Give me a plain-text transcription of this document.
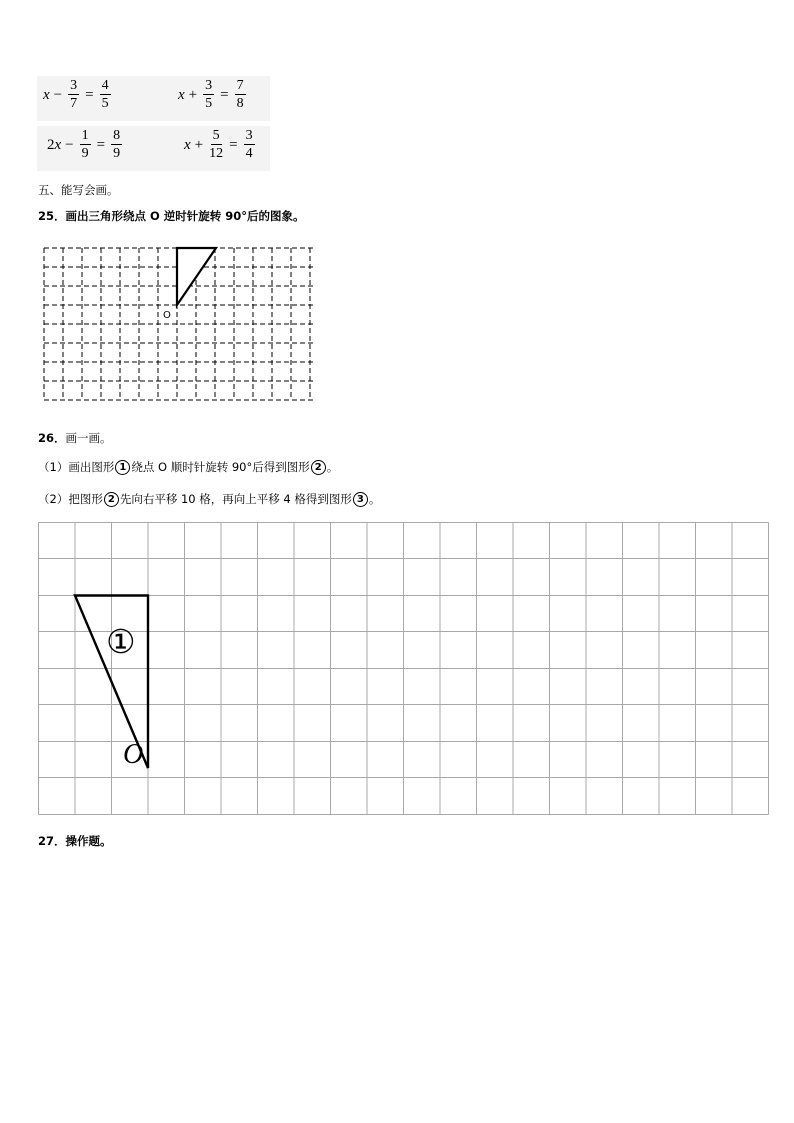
$x - \frac{3}{7} = \frac{4}{5}$	$x + \frac{3}{5} = \frac{7}{8}$
2 $x - \frac{1}{9} = \frac{8}{9}$	$x + \frac{5}{12} = \frac{3}{4}$
五、能写会画。
25．画出三角形绕点 O 逆时针旋转 90°后的图象。
O
26．画一画。
（1）画出图形 1 绕点 O 顺时针旋转 90°后得到图形 2 。
（2）把图形 2 先向右平移 10 格，再向上平移 4 格得到图形 3 。
①
O
27．操作题。
